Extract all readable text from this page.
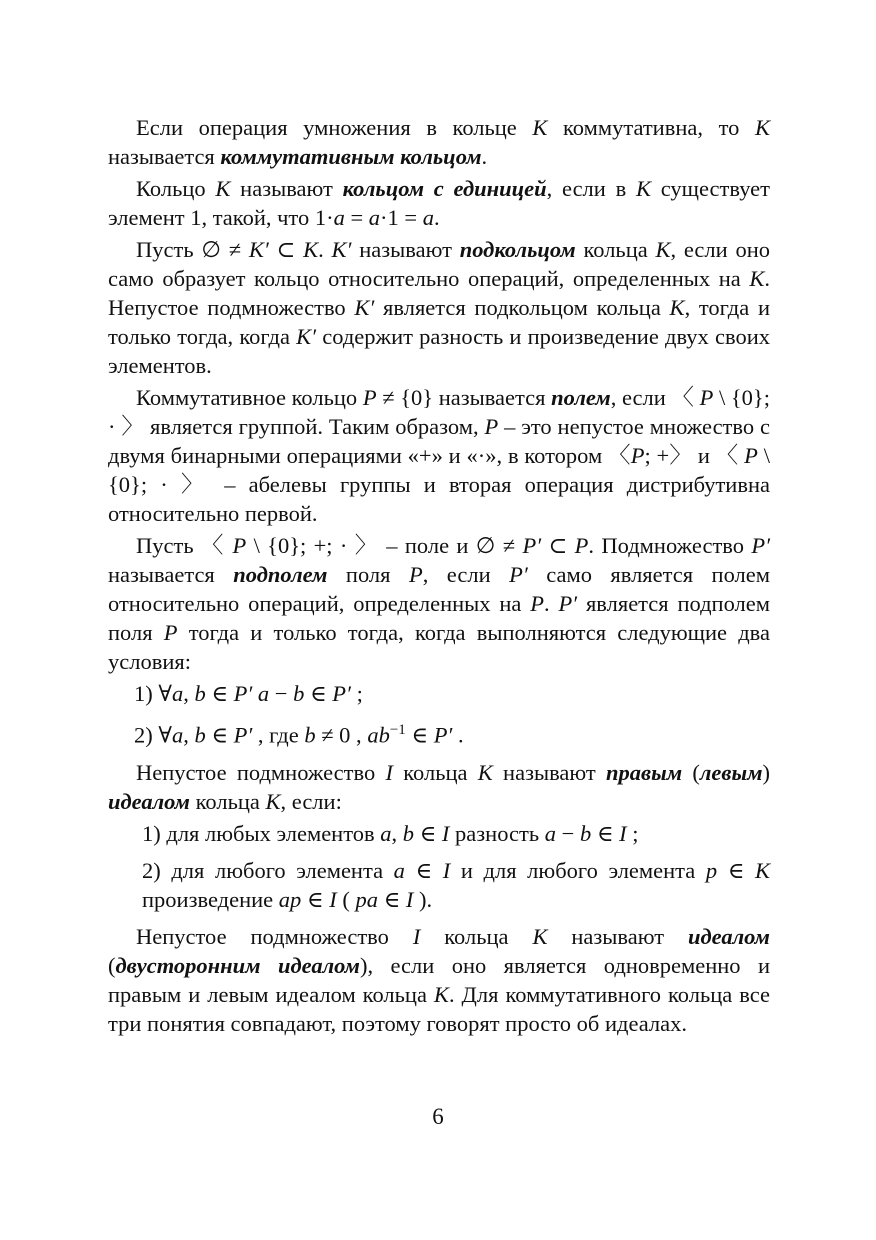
Если операция умножения в кольце K коммутативна, то K называется коммутативным кольцом.

Кольцо K называют кольцом с единицей, если в K существует элемент 1, такой, что 1·a = a·1 = a.

Пусть ∅ ≠ K′ ⊂ K. K′ называют подкольцом кольца K, если оно само образует кольцо относительно операций, определенных на K. Непустое подмножество K′ является подкольцом кольца K, тогда и только тогда, когда K′ содержит разность и произведение двух своих элементов.

Коммутативное кольцо P ≠ {0} называется полем, если 〈 P \ {0}; · 〉 является группой. Таким образом, P – это непустое множество с двумя бинарными операциями «+» и «·», в котором 〈P; +〉 и 〈 P \ {0}; · 〉 – абелевы группы и вторая операция дистрибутивна относительно первой.

Пусть 〈 P \ {0}; +; · 〉 – поле и ∅ ≠ P′ ⊂ P. Подмножество P′ называется подполем поля P, если P′ само является полем относительно операций, определенных на P. P′ является подполем поля P тогда и только тогда, когда выполняются следующие два условия:

1) ∀a, b ∈ P′ a − b ∈ P′ ;

2) ∀a, b ∈ P′ , где b ≠ 0 , $ab^{-1}$ ∈ P′ .

Непустое подмножество I кольца K называют правым (левым) идеалом кольца K, если:

1) для любых элементов a, b ∈ I разность a − b ∈ I ;

2) для любого элемента a ∈ I и для любого элемента p ∈ K произведение ap ∈ I ( pa ∈ I ).

Непустое подмножество I кольца K называют идеалом (двусторонним идеалом), если оно является одновременно и правым и левым идеалом кольца K. Для коммутативного кольца все три понятия совпадают, поэтому говорят просто об идеалах.

6
